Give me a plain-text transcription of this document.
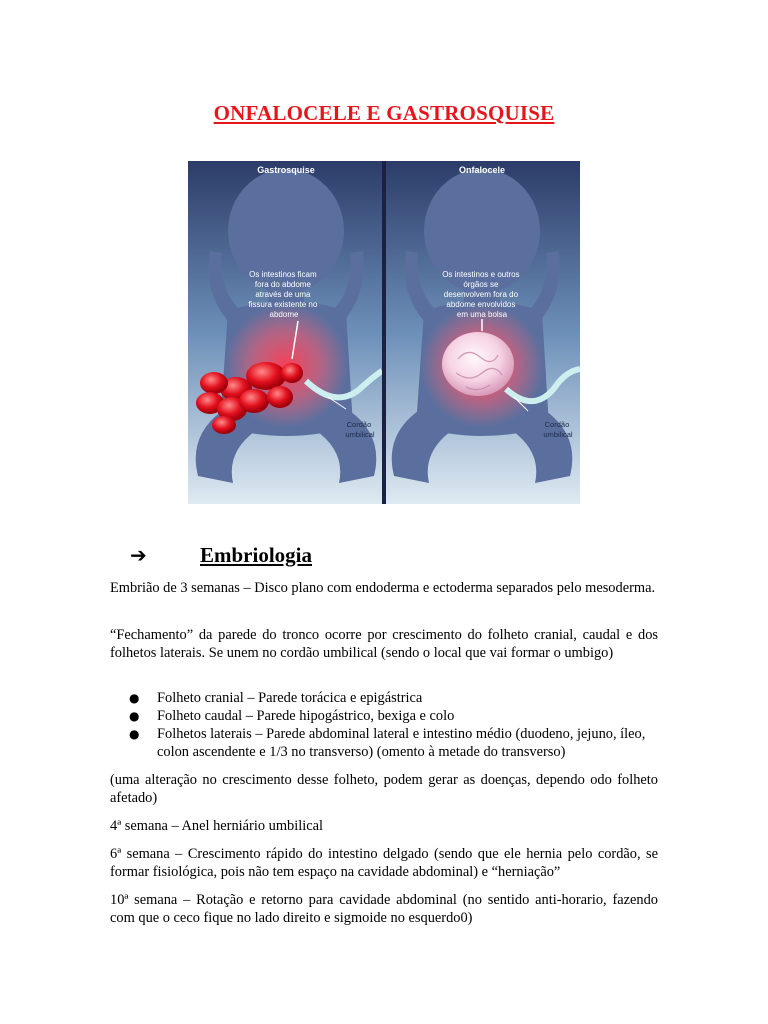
ONFALOCELE E GASTROSQUISE
Gastrosquise
Os intestinos ficam fora do abdome através de uma fissura existente no abdome
Cordão umbilical
Onfalocele
Os intestinos e outros órgãos se desenvolvem fora do abdome envolvidos em uma bolsa
Cordão umbilical
➔	Embriologia
Embrião de 3 semanas – Disco plano com endoderma e ectoderma separados pelo mesoderma.
“Fechamento” da parede do tronco ocorre por crescimento do folheto cranial, caudal e dos folhetos laterais. Se unem no cordão umbilical (sendo o local que vai formar o umbigo)
● Folheto cranial – Parede torácica e epigástrica
● Folheto caudal – Parede hipogástrico, bexiga e colo
● Folhetos laterais – Parede abdominal lateral e intestino médio (duodeno, jejuno, íleo, colon ascendente e 1/3 no transverso) (omento à metade do transverso)
(uma alteração no crescimento desse folheto, podem gerar as doenças, dependo odo folheto afetado)
4ª semana – Anel herniário umbilical
6ª semana – Crescimento rápido do intestino delgado (sendo que ele hernia pelo cordão, se formar fisiológica, pois não tem espaço na cavidade abdominal) e “herniação”
10ª semana – Rotação e retorno para cavidade abdominal (no sentido anti-horario, fazendo com que o ceco fique no lado direito e sigmoide no esquerdo0)
